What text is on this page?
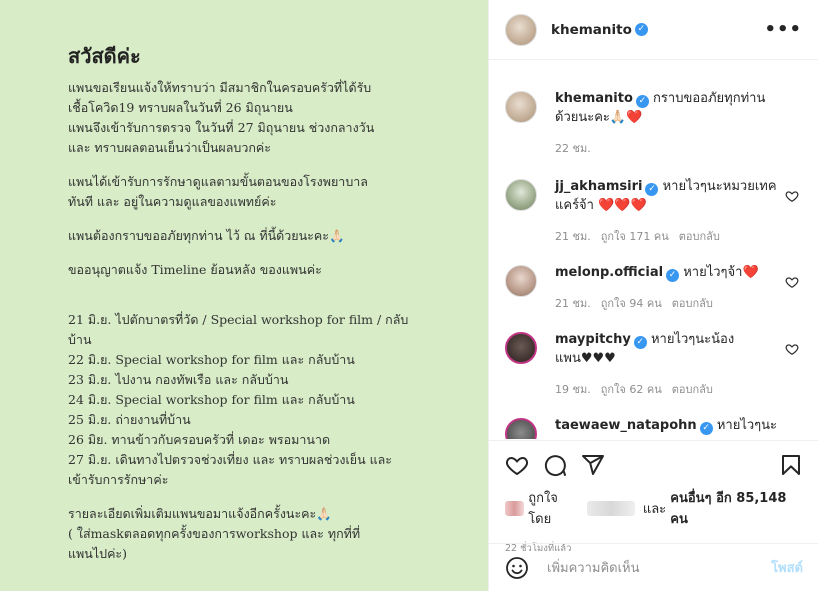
สวัสดีค่ะ

แพนขอเรียนแจ้งให้ทราบว่า มีสมาชิกในครอบครัวที่ได้รับ

เชื้อโควิด19 ทราบผลในวันที่ 26 มิถุนายน

แพนจึงเข้ารับการตรวจ ในวันที่ 27 มิถุนายน ช่วงกลางวัน

และ ทราบผลตอนเย็นว่าเป็นผลบวกค่ะ

แพนได้เข้ารับการรักษาดูแลตามขั้นตอนของโรงพยาบาล

ทันที และ อยู่ในความดูแลของแพทย์ค่ะ

แพนต้องกราบขออภัยทุกท่าน ไว้ ณ ที่นี้ด้วยนะคะ🙏🏻

ขออนุญาตแจ้ง Timeline ย้อนหลัง ของแพนค่ะ

21 มิ.ย. ไปตักบาตรที่วัด / Special workshop for film / กลับ

บ้าน

22 มิ.ย. Special workshop for film และ กลับบ้าน

23 มิ.ย. ไปงาน กองทัพเรือ และ กลับบ้าน

24 มิ.ย. Special workshop for film และ กลับบ้าน

25 มิ.ย. ถ่ายงานที่บ้าน

26 มิย. ทานข้าวกับครอบครัวที่ เดอะ พรอมานาด

27 มิ.ย. เดินทางไปตรวจช่วงเที่ยง และ ทราบผลช่วงเย็น และ

เข้ารับการรักษาค่ะ

รายละเอียดเพิ่มเติมแพนขอมาแจ้งอีกครั้งนะคะ🙏🏻

( ใส่maskตลอดทุกครั้งของการworkshop และ ทุกที่ที่

แพนไปค่ะ)

khemanito ✓	•••
khemanito ✓ กราบขออภัยทุกท่านด้วยนะคะ🙏🏻❤️
22 ชม.
jj_akhamsiri ✓ หายไวๆนะหมวยเทคแคร์จ้า ❤️❤️❤️
21 ชม. ถูกใจ 171 คน ตอบกลับ
melonp.official ✓ หายไวๆจ้า❤️
21 ชม. ถูกใจ 94 คน ตอบกลับ
maypitchy ✓ หายไวๆนะน้องแพน♥♥♥
19 ชม. ถูกใจ 62 คน ตอบกลับ
taewaew_natapohn ✓ หายไวๆนะ
ถูกใจโดย
และ

คนอื่นๆ อีก 85,148 คน
22 ชั่วโมงที่แล้ว
เพิ่มความคิดเห็น	โพสต์
